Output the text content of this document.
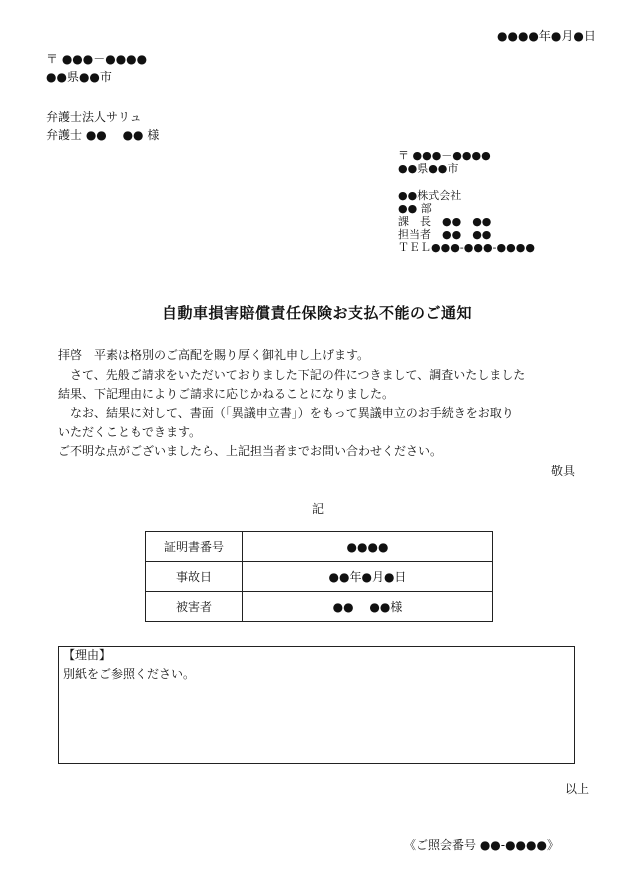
●●●●年●月●日
〒 ●●●－●●●●
●●県●●市
弁護士法人サリュ
弁護士 ●●　 ●● 様
〒 ●●●－●●●●
●●県●●市
●●株式会社
●● 部
課　長　●●　●●
担当者　●●　●●
ＴＥＬ●●●-●●●-●●●●
自動車損害賠償責任保険お支払不能のご通知
拝啓　平素は格別のご高配を賜り厚く御礼申し上げます。
　さて、先般ご請求をいただいておりました下記の件につきまして、調査いたしました
結果、下記理由によりご請求に応じかねることになりました。
　なお、結果に対して、書面（「異議申立書」）をもって異議申立のお手続きをお取り
いただくこともできます。
ご不明な点がございましたら、上記担当者までお問い合わせください。
敬具
記
証明書番号	●●●●
事故日	●●年●月●日
被害者	●●　 ●●様
【理由】
別紙をご参照ください。
以上
《ご照会番号 ●●-●●●●》
